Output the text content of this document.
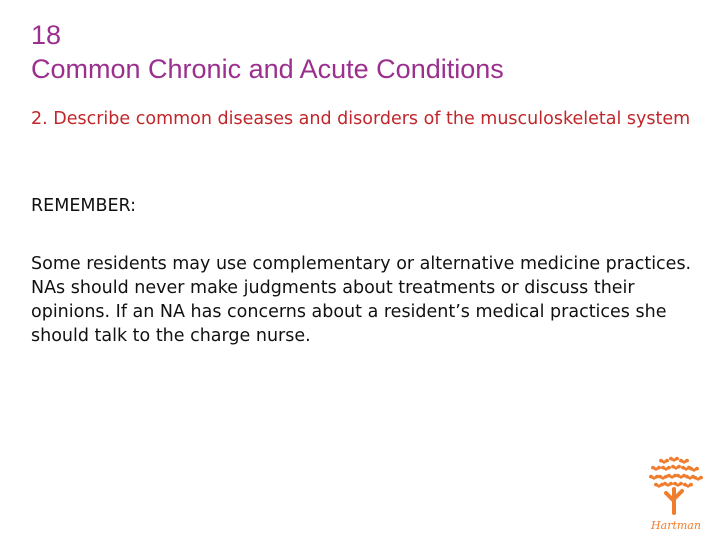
18
Common Chronic and Acute Conditions

2. Describe common diseases and disorders of the musculoskeletal system

REMEMBER:

Some residents may use complementary or alternative medicine practices. NAs should never make judgments about treatments or discuss their opinions. If an NA has concerns about a resident’s medical practices she should talk to the charge nurse.

Hartman
